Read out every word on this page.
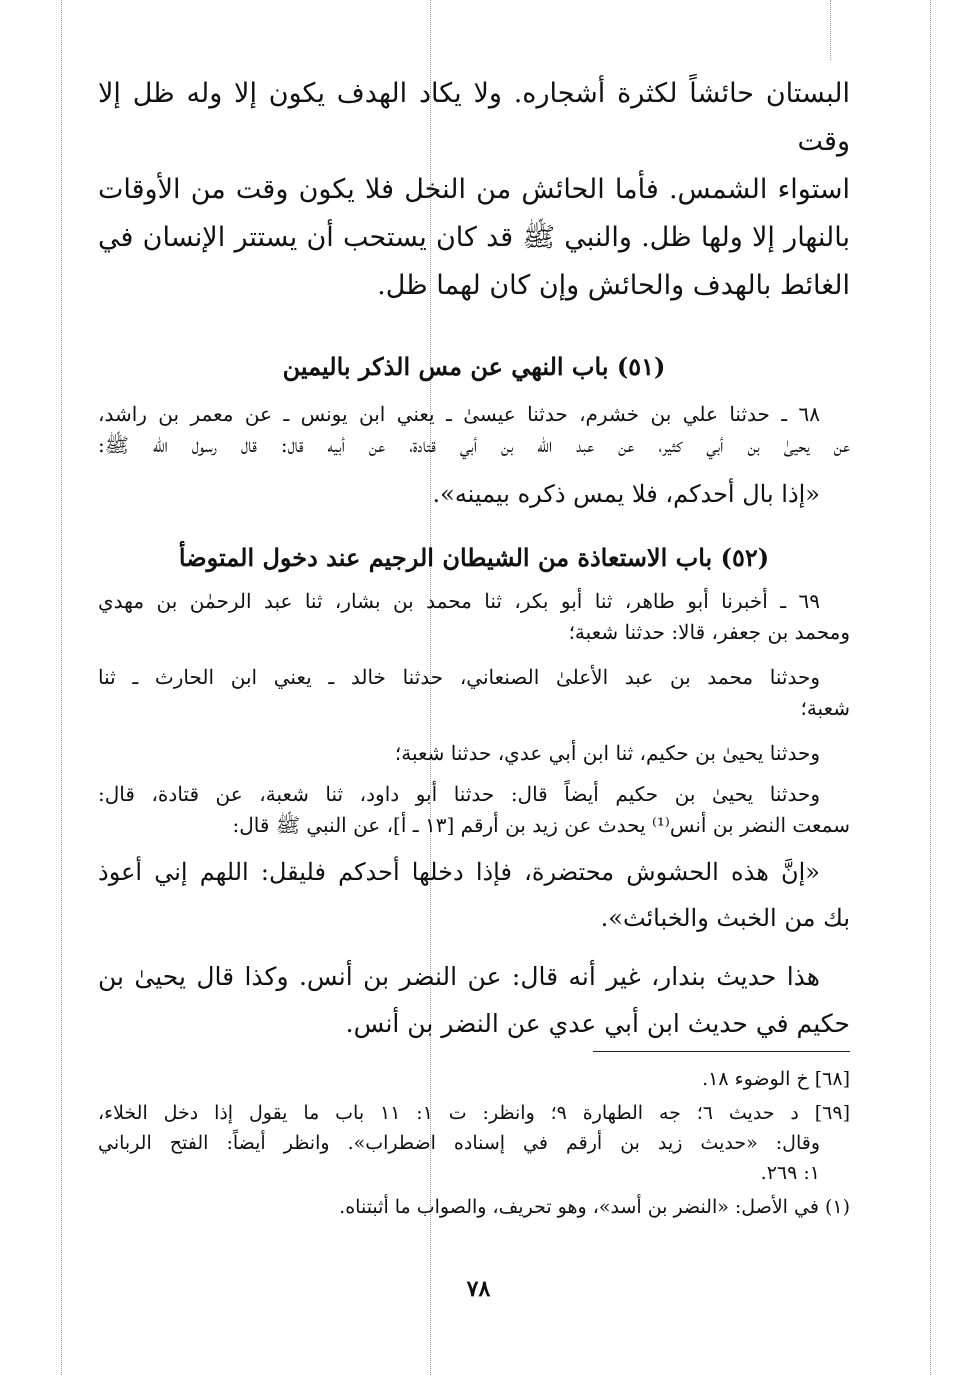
البستان حائشاً لكثرة أشجاره. ولا يكاد الهدف يكون إلا وله ظل إلا وقت

استواء الشمس. فأما الحائش من النخل فلا يكون وقت من الأوقات

بالنهار إلا ولها ظل. والنبي ﷺ قد كان يستحب أن يستتر الإنسان في

الغائط بالهدف والحائش وإن كان لهما ظل.

(٥١) باب النهي عن مس الذكر باليمين

٦٨ ـ حدثنا علي بن خشرم، حدثنا عيسىٰ ـ يعني ابن يونس ـ عن معمر بن راشد،

عن يحيىٰ بن أبي كثير، عن عبد الله بن أبي قتادة، عن أبيه قال: قال رسول الله ﷺ:

«إذا بال أحدكم، فلا يمس ذكره بيمينه».

(٥٢) باب الاستعاذة من الشيطان الرجيم عند دخول المتوضأ

٦٩ ـ أخبرنا أبو طاهر، ثنا أبو بكر، ثنا محمد بن بشار، ثنا عبد الرحمٰن بن مهدي

ومحمد بن جعفر، قالا: حدثنا شعبة؛

وحدثنا محمد بن عبد الأعلىٰ الصنعاني، حدثنا خالد ـ يعني ابن الحارث ـ ثنا

شعبة؛

وحدثنا يحيىٰ بن حكيم، ثنا ابن أبي عدي، حدثنا شعبة؛

وحدثنا يحيىٰ بن حكيم أيضاً قال: حدثنا أبو داود، ثنا شعبة، عن قتادة، قال:

سمعت النضر بن أنس⁽¹⁾ يحدث عن زيد بن أرقم [١٣ ـ أ]، عن النبي ﷺ قال:

«إنَّ هذه الحشوش محتضرة، فإذا دخلها أحدكم فليقل: اللهم إني أعوذ

بك من الخبث والخبائث».

هذا حديث بندار، غير أنه قال: عن النضر بن أنس. وكذا قال يحيىٰ بن

حكيم في حديث ابن أبي عدي عن النضر بن أنس.

[٦٨] خ الوضوء ١٨.

[٦٩] د حديث ٦؛ جه الطهارة ٩؛ وانظر: ت ١: ١١ باب ما يقول إذا دخل الخلاء،
وقال: «حديث زيد بن أرقم في إسناده اضطراب». وانظر أيضاً: الفتح الرباني
١: ٢٦٩.

(١) في الأصل: «النضر بن أسد»، وهو تحريف، والصواب ما أثبتناه.

٧٨
